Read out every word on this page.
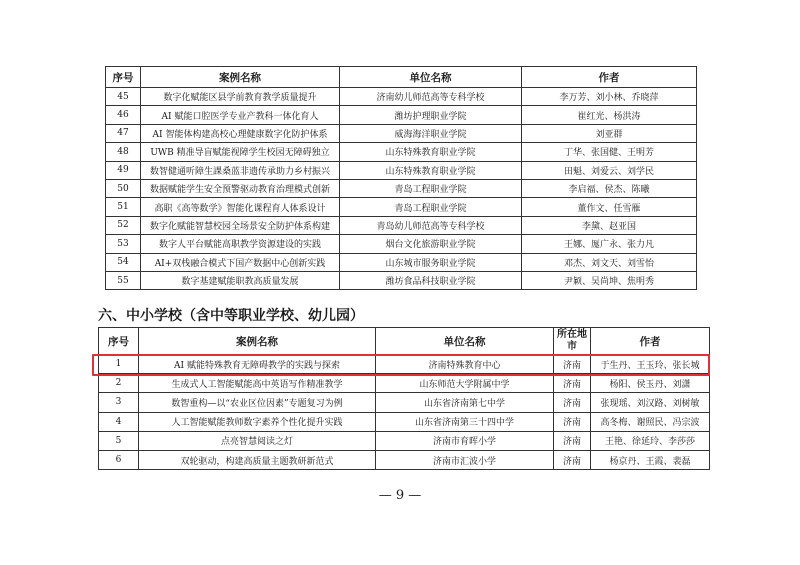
序号	案例名称	单位名称	作者
45	数字化赋能区县学前教育教学质量提升	济南幼儿师范高等专科学校	李万芳、刘小林、乔晓萍
46	AI 赋能口腔医学专业产教科一体化育人	潍坊护理职业学院	崔红光、杨洪涛
47	AI 智能体构建高校心理健康数字化防护体系	威海海洋职业学院	刘亚群
48	UWB 精准导盲赋能视障学生校园无障碍独立	山东特殊教育职业学院	丁华、张国健、王明芳
49	数智健通听障生課桑蓝非遗传承助力乡村振兴	山东特殊教育职业学院	田魁、刘爱云、刘学民
50	数据赋能学生安全预警驱动教育治理模式创新	青岛工程职业学院	李启福、侯杰、陈曦
51	高职《高等数学》智能化课程育人体系设计	青岛工程职业学院	董作文、任雪雁
52	数字化赋能智慧校园全场景安全防护体系构建	青岛幼儿师范高等专科学校	李黛、赵亚国
53	数字人平台赋能高职教学资源建设的实践	烟台文化旅游职业学院	王娜、厖广永、张力凡
54	AI+双栈融合模式下国产数据中心创新实践	山东城市服务职业学院	邓杰、刘文天、刘雪怡
55	数字基建赋能职教高质量发展	潍坊食品科技职业学院	尹颖、吴尚坤、焦明秀
六、中小学校（含中等职业学校、幼儿园）
序号	案例名称	单位名称	所在地市	作者
1	AI 赋能特殊教育无障碍教学的实践与探索	济南特殊教育中心	济南	于生丹、王玉玲、张长城
2	生成式人工智能赋能高中英语写作精准教学	山东师范大学附属中学	济南	杨阳、侯玉丹、刘潇
3	数智重构—以“农业区位因素”专题复习为例	山东省济南第七中学	济南	张现瑶、刘汉路、刘树敏
4	人工智能赋能教师数字素养个性化提升实践	山东省济南第三十四中学	济南	高冬梅、谢照民、冯宗波
5	点亮智慧阅读之灯	济南市育晖小学	济南	王艳、徐延玲、李莎莎
6	双轮驱动，构建高质量主题教研新范式	济南市汇波小学	济南	杨京丹、王霞、裴磊
— 9 —
